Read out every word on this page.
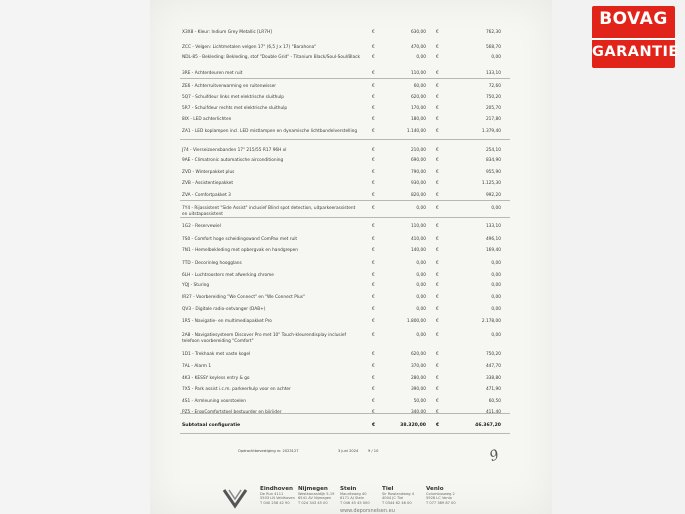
X3X8 - Kleur: Indium Grey Metallic [LR7H]	€	630,00 €	762,30
ZCC - Velgen: Lichtmetalen velgen 17" (6,5 J x 17) "Barahona"	€	470,00 €	568,70
NDL-85 - Bekleding: Bekleding, stof "Double Grid" - Titanium Black/Soul-Soul/Black	€	0,00 €	0,00
3RE - Achterdeuren met ruit	€	110,00 €	133,10
ZE6 - Achterruitverwarming en ruitenwisser	€	60,00 €	72,60
5Q7 - Schuifdeur links met elektrische sluithulp	€	620,00 €	750,20
5R7 - Schuifdeur rechts met elektrische sluithulp	€	170,00 €	205,70
8IX - LED achterlichten	€	180,00 €	217,80
ZA1 - LED koplampen incl. LED mistlampen en dynamische lichtbundelverstelling	€	1.140,00 €	1.379,40
J74 - Vierseizoensbanden 17" 215/55 R17 96H xl	€	210,00 €	254,10
9AE - Climatronic automatische airconditioning	€	690,00 €	834,90
ZVD - Winterpakket plus	€	790,00 €	955,90
ZVB - Assistentiepakket	€	930,00 €	1.125,30
ZVA - Comfortpakket 3	€	820,00 €	992,20
7Y4 - Rijassistent "Side Assist" inclusief Blind spot detection, uitparkeerassistent en uitstapassistent
€	0,00 €	0,00
1G2 - Reservewiel	€	110,00 €	133,10
7S0 - Comfort hoge scheidingswand ComPax met ruit	€	410,00 €	496,10
7N1 - Hemelbekleding met opbergvak en handgrepen	€	140,00 €	169,40
7TD - Decorinleg hoogglans	€	0,00 €	0,00
6LH - Luchtroosters met afwerking chrome	€	0,00 €	0,00
YQJ - Sturing	€	0,00 €	0,00
IR27 - Voorbereiding "We Connect" en "We Connect Plus"	€	0,00 €	0,00
QV3 - Digitale radio-ontvanger (DAB+)	€	0,00 €	0,00
1R5 - Navigatie- en multimediapakket Pro	€	1.800,00 €	2.178,00
2A8 - Navigatiesysteem Discover Pro met 10" Touch-kleurendisplay inclusief telefoon voorbereiding "Comfort"
€	0,00 €	0,00
1D1 - Trekhaak met vaste kogel	€	620,00 €	750,20
7AL - Alarm 1	€	370,00 €	447,70
4K3 - KESSY keyless entry & go	€	280,00 €	338,80
7X5 - Park assist i.c.m. parkeerhulp voor en achter	€	390,00 €	471,90
4S1 - Armleuning voorstoelen	€	50,00 €	60,50
PZ5 - ErgoComfortstoel bestuurder en bijrijder	€	340,00 €	411,40
Subtotaal configuratie	€	38.320,00 €	46.367,20
Opdrachtbevestiging nr. 2023127	3 juni 2024	9 / 10	9
Eindhoven
De Run 4111
5503 LN Veldhoven
T 040 258 42 90
Nijmegen
Westkanaaldijk 5-19
6541 AV Nijmegen
T 024 343 45 00
Stein
Mauritsweg 40
6171 AJ Stein
T 046 45 45 000
Tiel
Sir Rowlandweg 4
4004 JC Tiel
T 0344 62 46 00
Venlo
Columbusweg 2
5928 LC Venlo
T 077 389 87 00
www.deporsnelsen.eu
BOVAG
GARANTIE
